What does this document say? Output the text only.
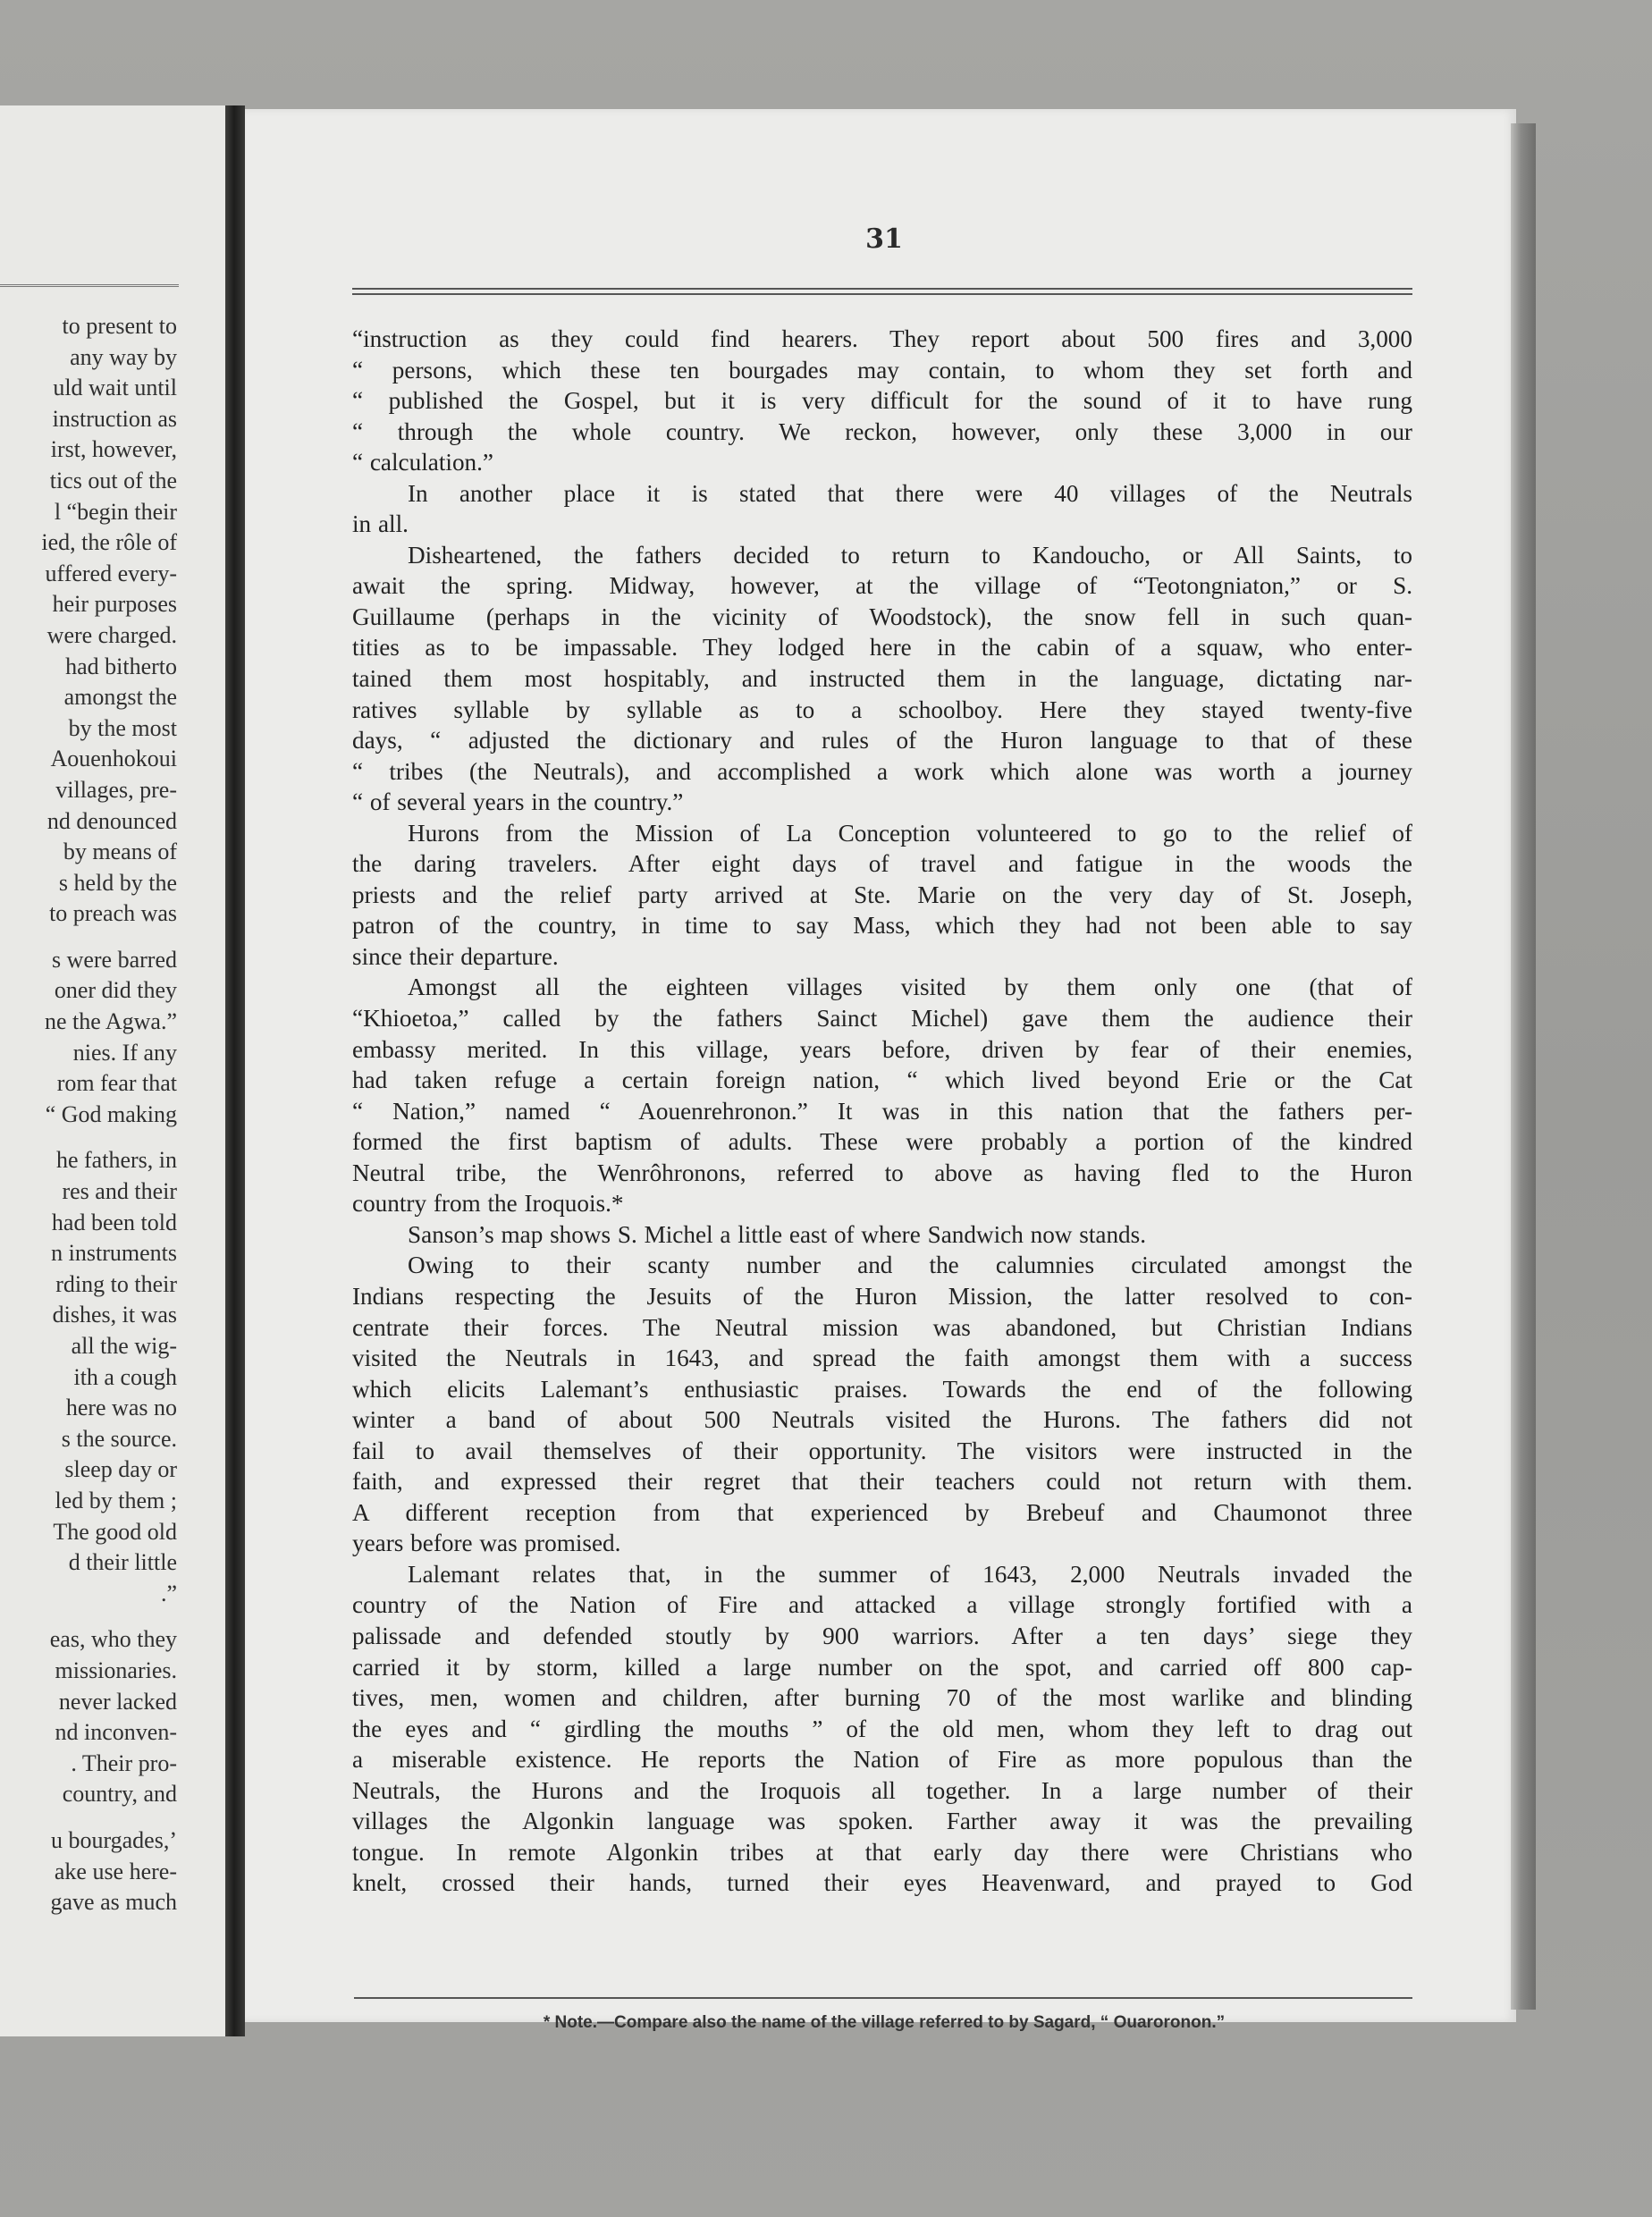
to present to
any way by
uld wait until
instruction as
irst, however,
tics out of the
l “begin their
ied, the rôle of
uffered every-
heir purposes
were charged.
had bitherto
amongst the
by the most
Aouenhokoui
villages, pre-
nd denounced
by means of
s held by the
to preach was
s were barred
oner did they
ne the Agwa.”
nies. If any
rom fear that
“ God making
he fathers, in
res and their
had been told
n instruments
rding to their
dishes, it was
all the wig-
ith a cough
here was no
s the source.
sleep day or
led by them ;
The good old
d their little
.”
eas, who they
missionaries.
never lacked
nd inconven-
. Their pro-
country, and
u bourgades,’
ake use here-
gave as much
31
“instruction as they could find hearers. They report about 500 fires and 3,000
“ persons, which these ten bourgades may contain, to whom they set forth and
“ published the Gospel, but it is very difficult for the sound of it to have rung
“ through the whole country. We reckon, however, only these 3,000 in our
“ calculation.”
In another place it is stated that there were 40 villages of the Neutrals
in all.
Disheartened, the fathers decided to return to Kandoucho, or All Saints, to
await the spring. Midway, however, at the village of “Teotongniaton,” or S.
Guillaume (perhaps in the vicinity of Woodstock), the snow fell in such quan-
tities as to be impassable. They lodged here in the cabin of a squaw, who enter-
tained them most hospitably, and instructed them in the language, dictating nar-
ratives syllable by syllable as to a schoolboy. Here they stayed twenty-five
days, “ adjusted the dictionary and rules of the Huron language to that of these
“ tribes (the Neutrals), and accomplished a work which alone was worth a journey
“ of several years in the country.”
Hurons from the Mission of La Conception volunteered to go to the relief of
the daring travelers. After eight days of travel and fatigue in the woods the
priests and the relief party arrived at Ste. Marie on the very day of St. Joseph,
patron of the country, in time to say Mass, which they had not been able to say
since their departure.
Amongst all the eighteen villages visited by them only one (that of
“Khioetoa,” called by the fathers Sainct Michel) gave them the audience their
embassy merited. In this village, years before, driven by fear of their enemies,
had taken refuge a certain foreign nation, “ which lived beyond Erie or the Cat
“ Nation,” named “ Aouenrehronon.” It was in this nation that the fathers per-
formed the first baptism of adults. These were probably a portion of the kindred
Neutral tribe, the Wenrôhronons, referred to above as having fled to the Huron
country from the Iroquois.*
Sanson’s map shows S. Michel a little east of where Sandwich now stands.
Owing to their scanty number and the calumnies circulated amongst the
Indians respecting the Jesuits of the Huron Mission, the latter resolved to con-
centrate their forces. The Neutral mission was abandoned, but Christian Indians
visited the Neutrals in 1643, and spread the faith amongst them with a success
which elicits Lalemant’s enthusiastic praises. Towards the end of the following
winter a band of about 500 Neutrals visited the Hurons. The fathers did not
fail to avail themselves of their opportunity. The visitors were instructed in the
faith, and expressed their regret that their teachers could not return with them.
A different reception from that experienced by Brebeuf and Chaumonot three
years before was promised.
Lalemant relates that, in the summer of 1643, 2,000 Neutrals invaded the
country of the Nation of Fire and attacked a village strongly fortified with a
palissade and defended stoutly by 900 warriors. After a ten days’ siege they
carried it by storm, killed a large number on the spot, and carried off 800 cap-
tives, men, women and children, after burning 70 of the most warlike and blinding
the eyes and “ girdling the mouths ” of the old men, whom they left to drag out
a miserable existence. He reports the Nation of Fire as more populous than the
Neutrals, the Hurons and the Iroquois all together. In a large number of their
villages the Algonkin language was spoken. Farther away it was the prevailing
tongue. In remote Algonkin tribes at that early day there were Christians who
knelt, crossed their hands, turned their eyes Heavenward, and prayed to God
* Note.—Compare also the name of the village referred to by Sagard, “ Ouaroronon.”
